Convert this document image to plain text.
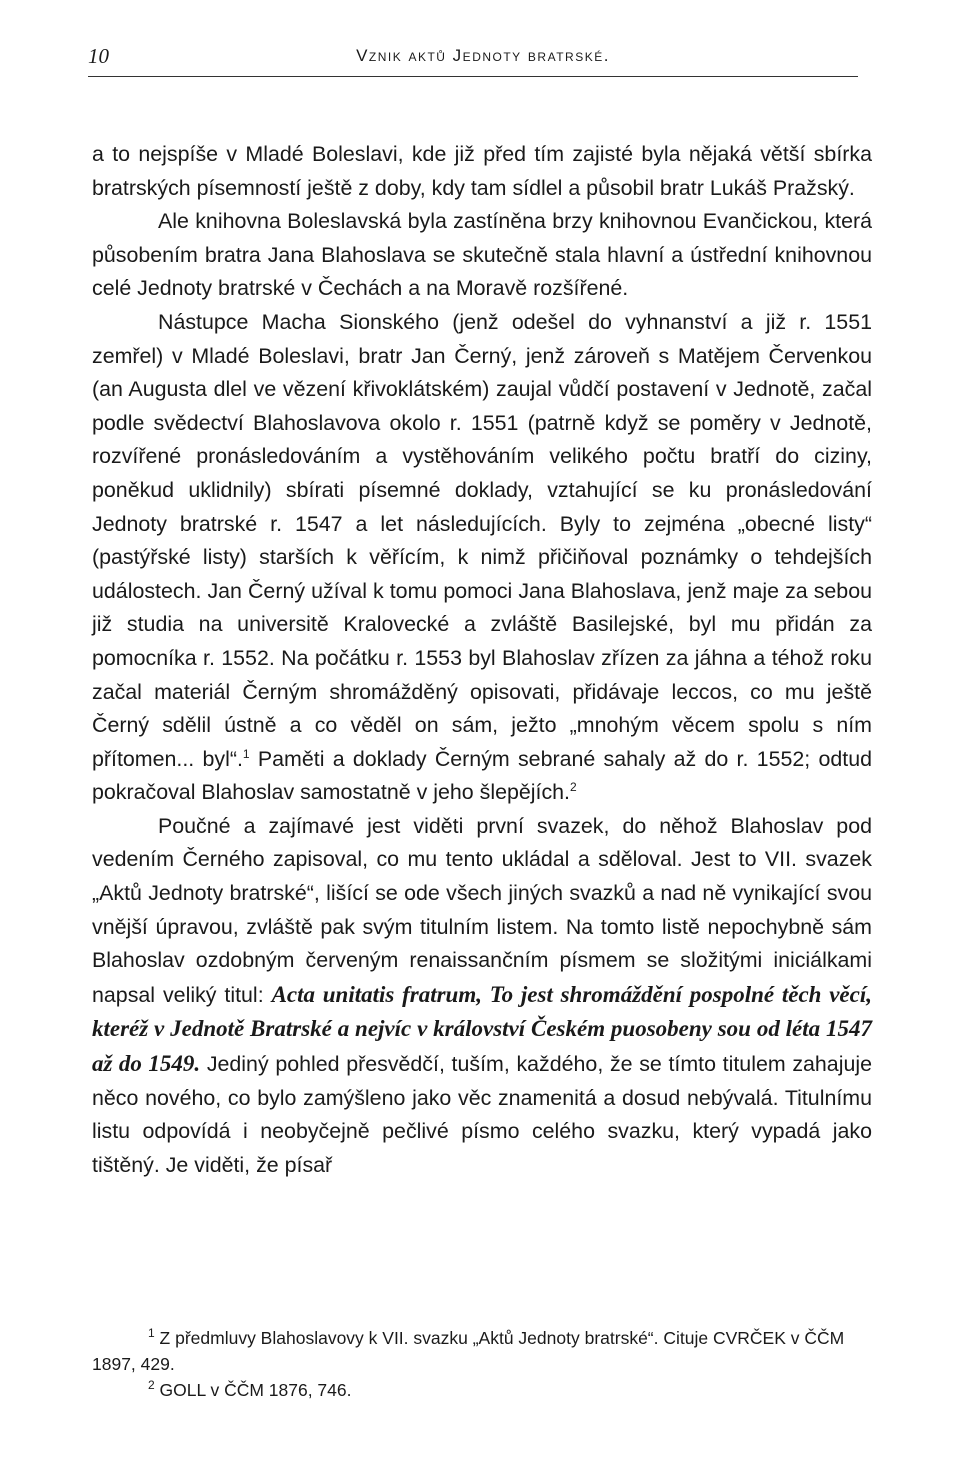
10	Vznik aktů Jednoty bratrské.

a to nejspíše v Mladé Boleslavi, kde již před tím zajisté byla nějaká větší sbírka bratrských písemností ještě z doby, kdy tam sídlel a působil bratr Lukáš Pražský.

Ale knihovna Boleslavská byla zastíněna brzy knihovnou Evančickou, která působením bratra Jana Blahoslava se skutečně stala hlavní a ústřední knihovnou celé Jednoty bratrské v Čechách a na Moravě rozšířené.

Nástupce Macha Sionského (jenž odešel do vyhnanství a již r. 1551 zemřel) v Mladé Boleslavi, bratr Jan Černý, jenž zároveň s Matějem Červenkou (an Augusta dlel ve vězení křivoklátském) zaujal vůdčí postavení v Jednotě, začal podle svědectví Blahoslavova okolo r. 1551 (patrně když se poměry v Jednotě, rozvířené pronásledováním a vystěhováním velikého počtu bratří do ciziny, poněkud uklidnily) sbírati písemné doklady, vztahující se ku pronásledování Jednoty bratrské r. 1547 a let následujících. Byly to zejména „obecné listy“ (pastýřské listy) starších k věřícím, k nimž přičiňoval poznámky o tehdejších událostech. Jan Černý užíval k tomu pomoci Jana Blahoslava, jenž maje za sebou již studia na universitě Kralovecké a zvláště Basilejské, byl mu přidán za pomocníka r. 1552. Na počátku r. 1553 byl Blahoslav zřízen za jáhna a téhož roku začal materiál Černým shromážděný opisovati, přidávaje leccos, co mu ještě Černý sdělil ústně a co věděl on sám, ježto „mnohým věcem spolu s ním přítomen... byl“.$^1$ Paměti a doklady Černým sebrané sahaly až do r. 1552; odtud pokračoval Blahoslav samostatně v jeho šlepějích.$^2$

Poučné a zajímavé jest viděti první svazek, do něhož Blahoslav pod vedením Černého zapisoval, co mu tento ukládal a sděloval. Jest to VII. svazek „Aktů Jednoty bratrské“, lišící se ode všech jiných svazků a nad ně vynikající svou vnější úpravou, zvláště pak svým titulním listem. Na tomto listě nepochybně sám Blahoslav ozdobným červeným renaissančním písmem se složitými iniciálkami napsal veliký titul: Acta unitatis fratrum, To jest shromáždění pospolné těch věcí, kteréž v Jednotě Bratrské a nejvíc v království Českém puosobeny sou od léta 1547 až do 1549. Jediný pohled přesvědčí, tuším, každého, že se tímto titulem zahajuje něco nového, co bylo zamýšleno jako věc znamenitá a dosud nebývalá. Titulnímu listu odpovídá i neobyčejně pečlivé písmo celého svazku, který vypadá jako tištěný. Je viděti, že písař

$^1$ Z předmluvy Blahoslavovy k VII. svazku „Aktů Jednoty bratrské“. Cituje CVRČEK v ČČM 1897, 429.

$^2$ GOLL v ČČM 1876, 746.
